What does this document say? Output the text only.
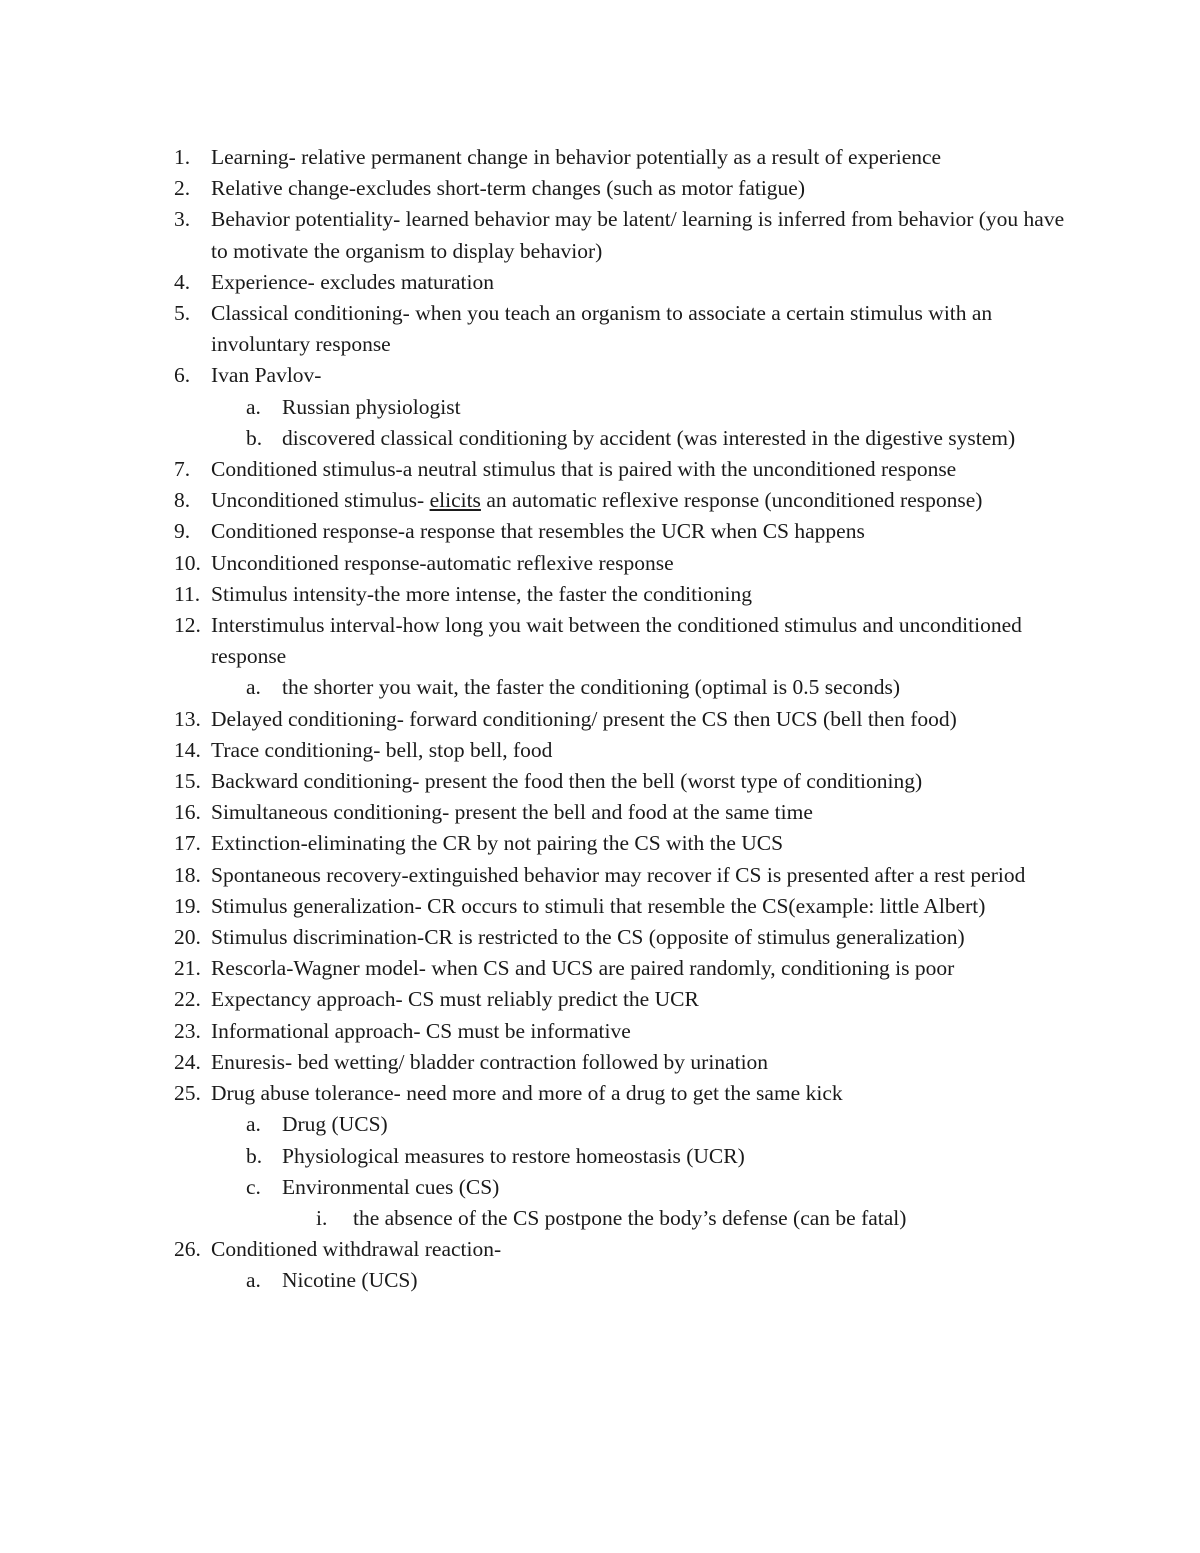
1. Learning- relative permanent change in behavior potentially as a result of experience
2. Relative change-excludes short-term changes (such as motor fatigue)
3. Behavior potentiality- learned behavior may be latent/ learning is inferred from behavior (you have to motivate the organism to display behavior)
4. Experience- excludes maturation
5. Classical conditioning- when you teach an organism to associate a certain stimulus with an involuntary response
6. Ivan Pavlov-
a. Russian physiologist
b. discovered classical conditioning by accident (was interested in the digestive system)
7. Conditioned stimulus-a neutral stimulus that is paired with the unconditioned response
8. Unconditioned stimulus- elicits an automatic reflexive response (unconditioned response)
9. Conditioned response-a response that resembles the UCR when CS happens
10. Unconditioned response-automatic reflexive response
11. Stimulus intensity-the more intense, the faster the conditioning
12. Interstimulus interval-how long you wait between the conditioned stimulus and unconditioned response
a. the shorter you wait, the faster the conditioning (optimal is 0.5 seconds)
13. Delayed conditioning- forward conditioning/ present the CS then UCS (bell then food)
14. Trace conditioning- bell, stop bell, food
15. Backward conditioning- present the food then the bell (worst type of conditioning)
16. Simultaneous conditioning- present the bell and food at the same time
17. Extinction-eliminating the CR by not pairing the CS with the UCS
18. Spontaneous recovery-extinguished behavior may recover if CS is presented after a rest period
19. Stimulus generalization- CR occurs to stimuli that resemble the CS(example: little Albert)
20. Stimulus discrimination-CR is restricted to the CS (opposite of stimulus generalization)
21. Rescorla-Wagner model- when CS and UCS are paired randomly, conditioning is poor
22. Expectancy approach- CS must reliably predict the UCR
23. Informational approach- CS must be informative
24. Enuresis- bed wetting/ bladder contraction followed by urination
25. Drug abuse tolerance- need more and more of a drug to get the same kick
a. Drug (UCS)
b. Physiological measures to restore homeostasis (UCR)
c. Environmental cues (CS)
i. the absence of the CS postpone the body’s defense (can be fatal)
26. Conditioned withdrawal reaction-
a. Nicotine (UCS)
